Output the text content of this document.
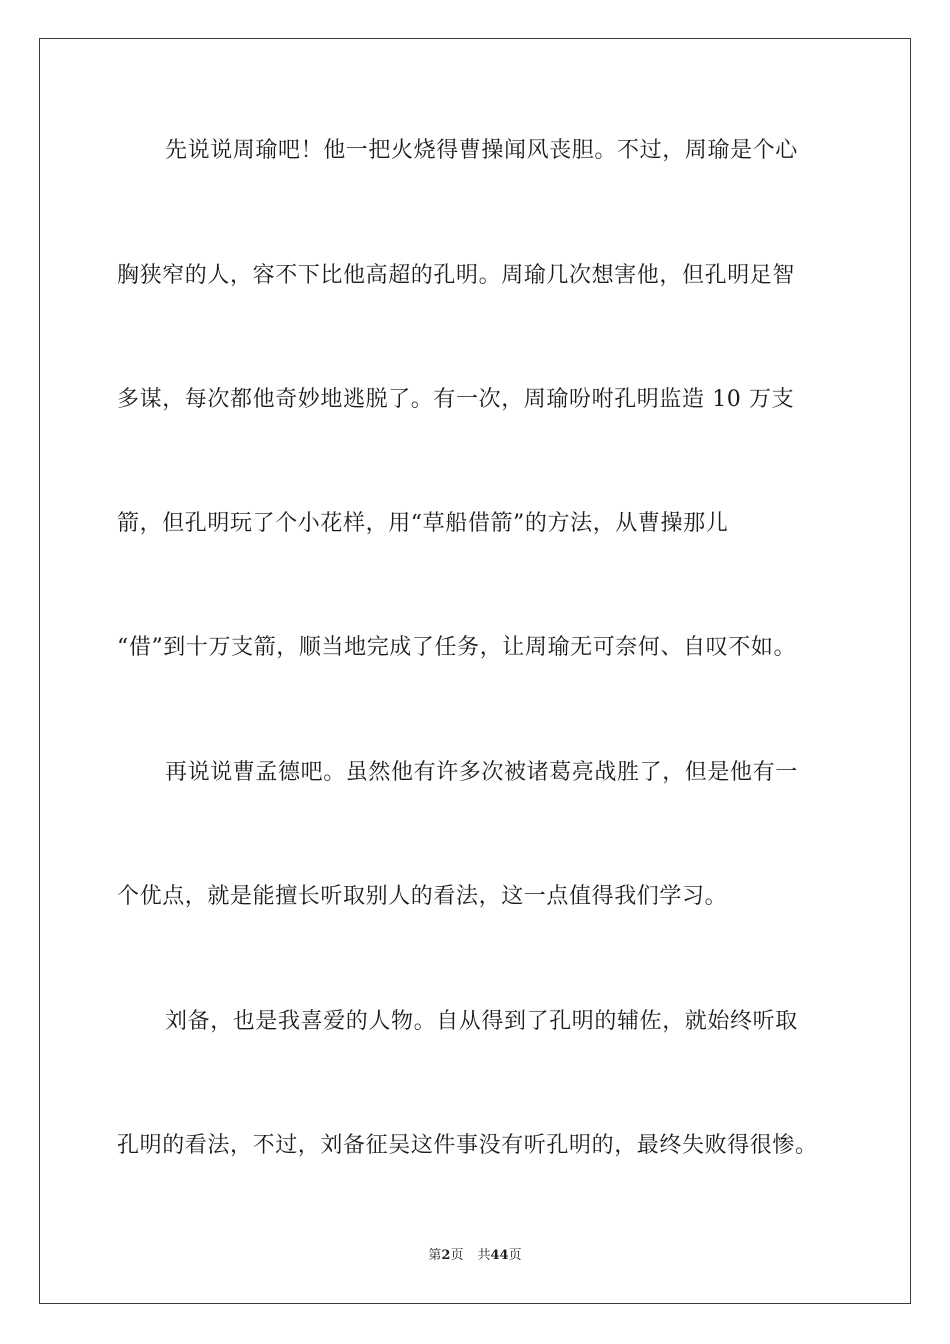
先说说周瑜吧！他一把火烧得曹操闻风丧胆。不过，周瑜是个心
胸狭窄的人，容不下比他高超的孔明。周瑜几次想害他，但孔明足智
多谋，每次都他奇妙地逃脱了。有一次，周瑜吩咐孔明监造 10 万支
箭，但孔明玩了个小花样，用“草船借箭”的方法，从曹操那儿
“借”到十万支箭，顺当地完成了任务，让周瑜无可奈何、自叹不如。
再说说曹孟德吧。虽然他有许多次被诸葛亮战胜了，但是他有一
个优点，就是能擅长听取别人的看法，这一点值得我们学习。
刘备，也是我喜爱的人物。自从得到了孔明的辅佐，就始终听取
孔明的看法，不过，刘备征吴这件事没有听孔明的，最终失败得很惨。
第2页 共44页
